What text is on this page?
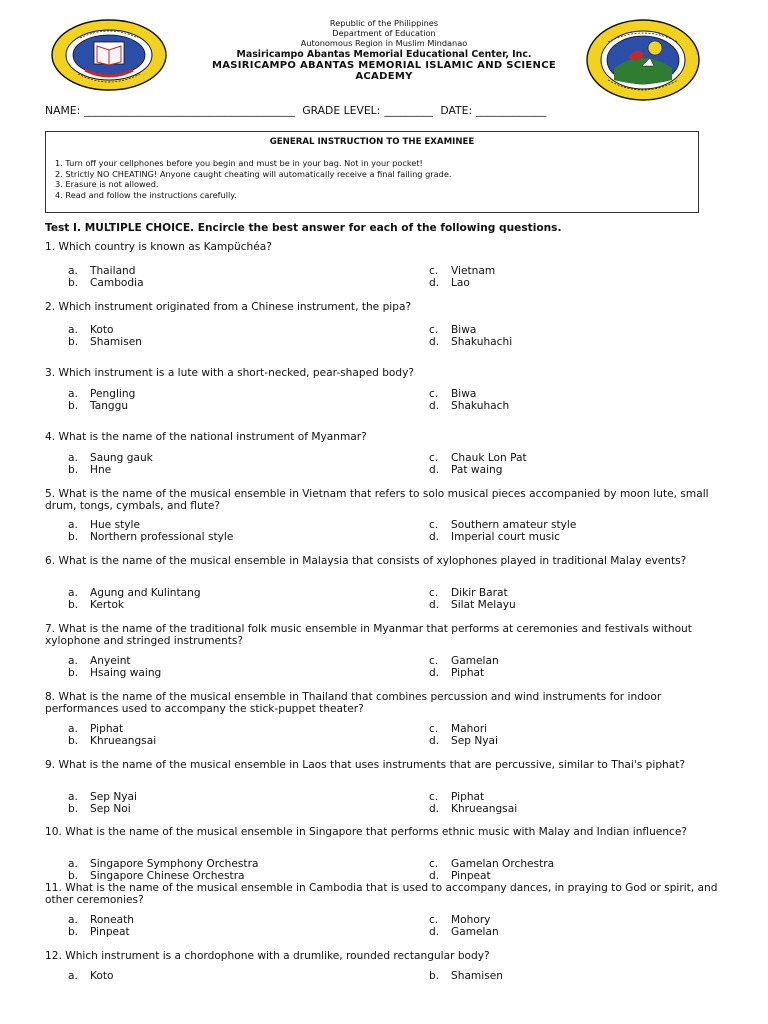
Republic of the Philippines
Department of Education
Autonomous Region in Muslim Mindanao
Masiricampo Abantas Memorial Educational Center, Inc.
MASIRICAMPO ABANTAS MEMORIAL ISLAMIC AND SCIENCE
ACADEMY
NAME: _______________________________________ GRADE LEVEL: _________ DATE: _____________
GENERAL INSTRUCTION TO THE EXAMINEE
1. Turn off your cellphones before you begin and must be in your bag. Not in your pocket!
2. Strictly NO CHEATING! Anyone caught cheating will automatically receive a final failing grade.
3. Erasure is not allowed.
4. Read and follow the instructions carefully.
Test I. MULTIPLE CHOICE. Encircle the best answer for each of the following questions.
1. Which country is known as Kampüchéa?
a. Thailand
b. Cambodia
c. Vietnam
d. Lao
2. Which instrument originated from a Chinese instrument, the pipa?
a. Koto
b. Shamisen
c. Biwa
d. Shakuhachi
3. Which instrument is a lute with a short-necked, pear-shaped body?
a. Pengling
b. Tanggu
c. Biwa
d. Shakuhach
4. What is the name of the national instrument of Myanmar?
a. Saung gauk
b. Hne
c. Chauk Lon Pat
d. Pat waing
5. What is the name of the musical ensemble in Vietnam that refers to solo musical pieces accompanied by moon lute, small drum, tongs, cymbals, and flute?
a. Hue style
b. Northern professional style
c. Southern amateur style
d. Imperial court music
6. What is the name of the musical ensemble in Malaysia that consists of xylophones played in traditional Malay events?
a. Agung and Kulintang
b. Kertok
c. Dikir Barat
d. Silat Melayu
7. What is the name of the traditional folk music ensemble in Myanmar that performs at ceremonies and festivals without xylophone and stringed instruments?
a. Anyeint
b. Hsaing waing
c. Gamelan
d. Piphat
8. What is the name of the musical ensemble in Thailand that combines percussion and wind instruments for indoor performances used to accompany the stick-puppet theater?
a. Piphat
b. Khrueangsai
c. Mahori
d. Sep Nyai
9. What is the name of the musical ensemble in Laos that uses instruments that are percussive, similar to Thai's piphat?
a. Sep Nyai
b. Sep Noi
c. Piphat
d. Khrueangsai
10. What is the name of the musical ensemble in Singapore that performs ethnic music with Malay and Indian influence?
a. Singapore Symphony Orchestra
b. Singapore Chinese Orchestra
c. Gamelan Orchestra
d. Pinpeat
11. What is the name of the musical ensemble in Cambodia that is used to accompany dances, in praying to God or spirit, and other ceremonies?
a. Roneath
b. Pinpeat
c. Mohory
d. Gamelan
12. Which instrument is a chordophone with a drumlike, rounded rectangular body?
a. Koto	b. Shamisen
